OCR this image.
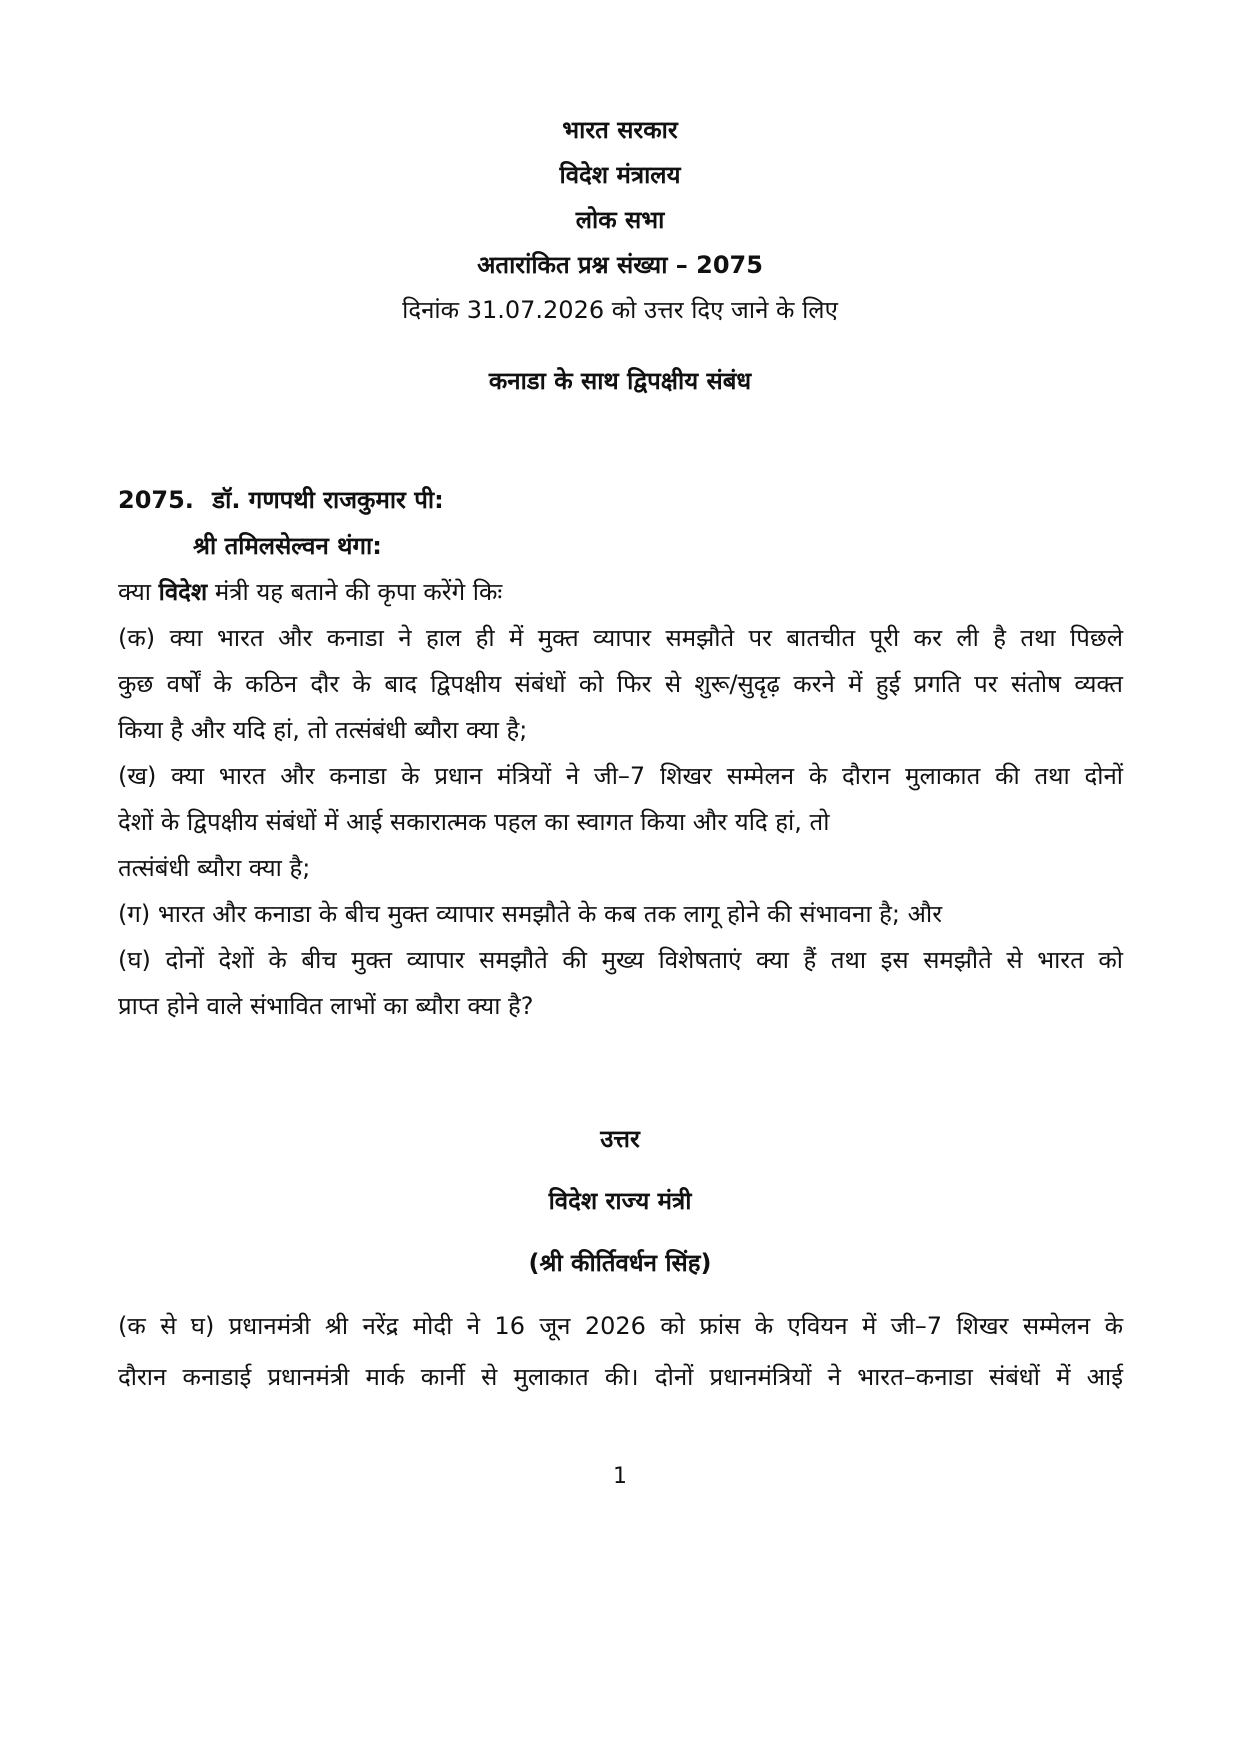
भारत सरकार
विदेश मंत्रालय
लोक सभा
अतारांकित प्रश्न संख्या – 2075
दिनांक 31.07.2026 को उत्तर दिए जाने के लिए
कनाडा के साथ द्विपक्षीय संबंध
2075. डॉ. गणपथी राजकुमार पी:
श्री तमिलसेल्वन थंगा:
क्या विदेश मंत्री यह बताने की कृपा करेंगे किः
(क) क्या भारत और कनाडा ने हाल ही में मुक्त व्यापार समझौते पर बातचीत पूरी कर ली है तथा पिछले
कुछ वर्षों के कठिन दौर के बाद द्विपक्षीय संबंधों को फिर से शुरू/सुदृढ़ करने में हुई प्रगति पर संतोष व्यक्त
किया है और यदि हां, तो तत्संबंधी ब्यौरा क्या है;
(ख) क्या भारत और कनाडा के प्रधान मंत्रियों ने जी–7 शिखर सम्मेलन के दौरान मुलाकात की तथा दोनों
देशों के द्विपक्षीय संबंधों में आई सकारात्मक पहल का स्वागत किया और यदि हां, तो
तत्संबंधी ब्यौरा क्या है;
(ग) भारत और कनाडा के बीच मुक्त व्यापार समझौते के कब तक लागू होने की संभावना है; और
(घ) दोनों देशों के बीच मुक्त व्यापार समझौते की मुख्य विशेषताएं क्या हैं तथा इस समझौते से भारत को
प्राप्त होने वाले संभावित लाभों का ब्यौरा क्या है?
उत्तर
विदेश राज्य मंत्री
(श्री कीर्तिवर्धन सिंह)
(क से घ) प्रधानमंत्री श्री नरेंद्र मोदी ने 16 जून 2026 को फ्रांस के एवियन में जी–7 शिखर सम्मेलन के
दौरान कनाडाई प्रधानमंत्री मार्क कार्नी से मुलाकात की। दोनों प्रधानमंत्रियों ने भारत–कनाडा संबंधों में आई
1
